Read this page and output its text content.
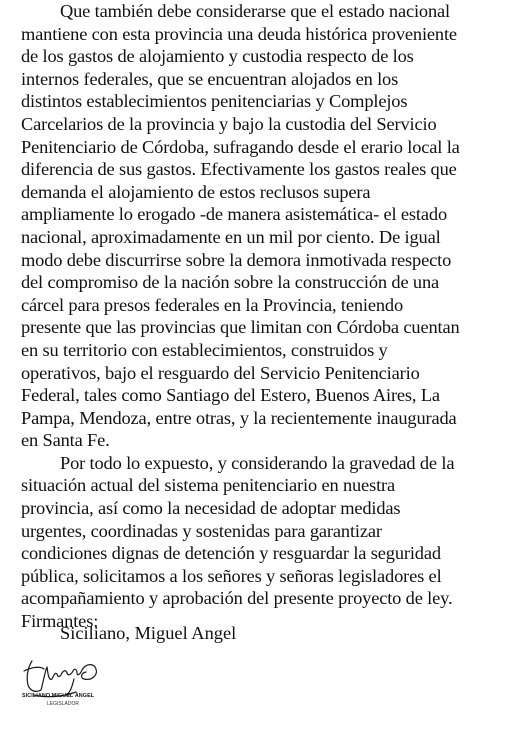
Que también debe considerarse que el estado nacional
mantiene con esta provincia una deuda histórica proveniente
de los gastos de alojamiento y custodia respecto de los
internos federales, que se encuentran alojados en los
distintos establecimientos penitenciarias y Complejos
Carcelarios de la provincia y bajo la custodia del Servicio
Penitenciario de Córdoba, sufragando desde el erario local la
diferencia de sus gastos. Efectivamente los gastos reales que
demanda el alojamiento de estos reclusos supera
ampliamente lo erogado -de manera asistemática- el estado
nacional, aproximadamente en un mil por ciento. De igual
modo debe discurrirse sobre la demora inmotivada respecto
del compromiso de la nación sobre la construcción de una
cárcel para presos federales en la Provincia, teniendo
presente que las provincias que limitan con Córdoba cuentan
en su territorio con establecimientos, construidos y
operativos, bajo el resguardo del Servicio Penitenciario
Federal, tales como Santiago del Estero, Buenos Aires, La
Pampa, Mendoza, entre otras, y la recientemente inaugurada
en Santa Fe.
Por todo lo expuesto, y considerando la gravedad de la
situación actual del sistema penitenciario en nuestra
provincia, así como la necesidad de adoptar medidas
urgentes, coordinadas y sostenidas para garantizar
condiciones dignas de detención y resguardar la seguridad
pública, solicitamos a los señores y señoras legisladores el
acompañamiento y aprobación del presente proyecto de ley.
Firmantes:
Siciliano, Miguel Angel
SICILIANO MIGUEL ÁNGEL
LEGISLADOR
